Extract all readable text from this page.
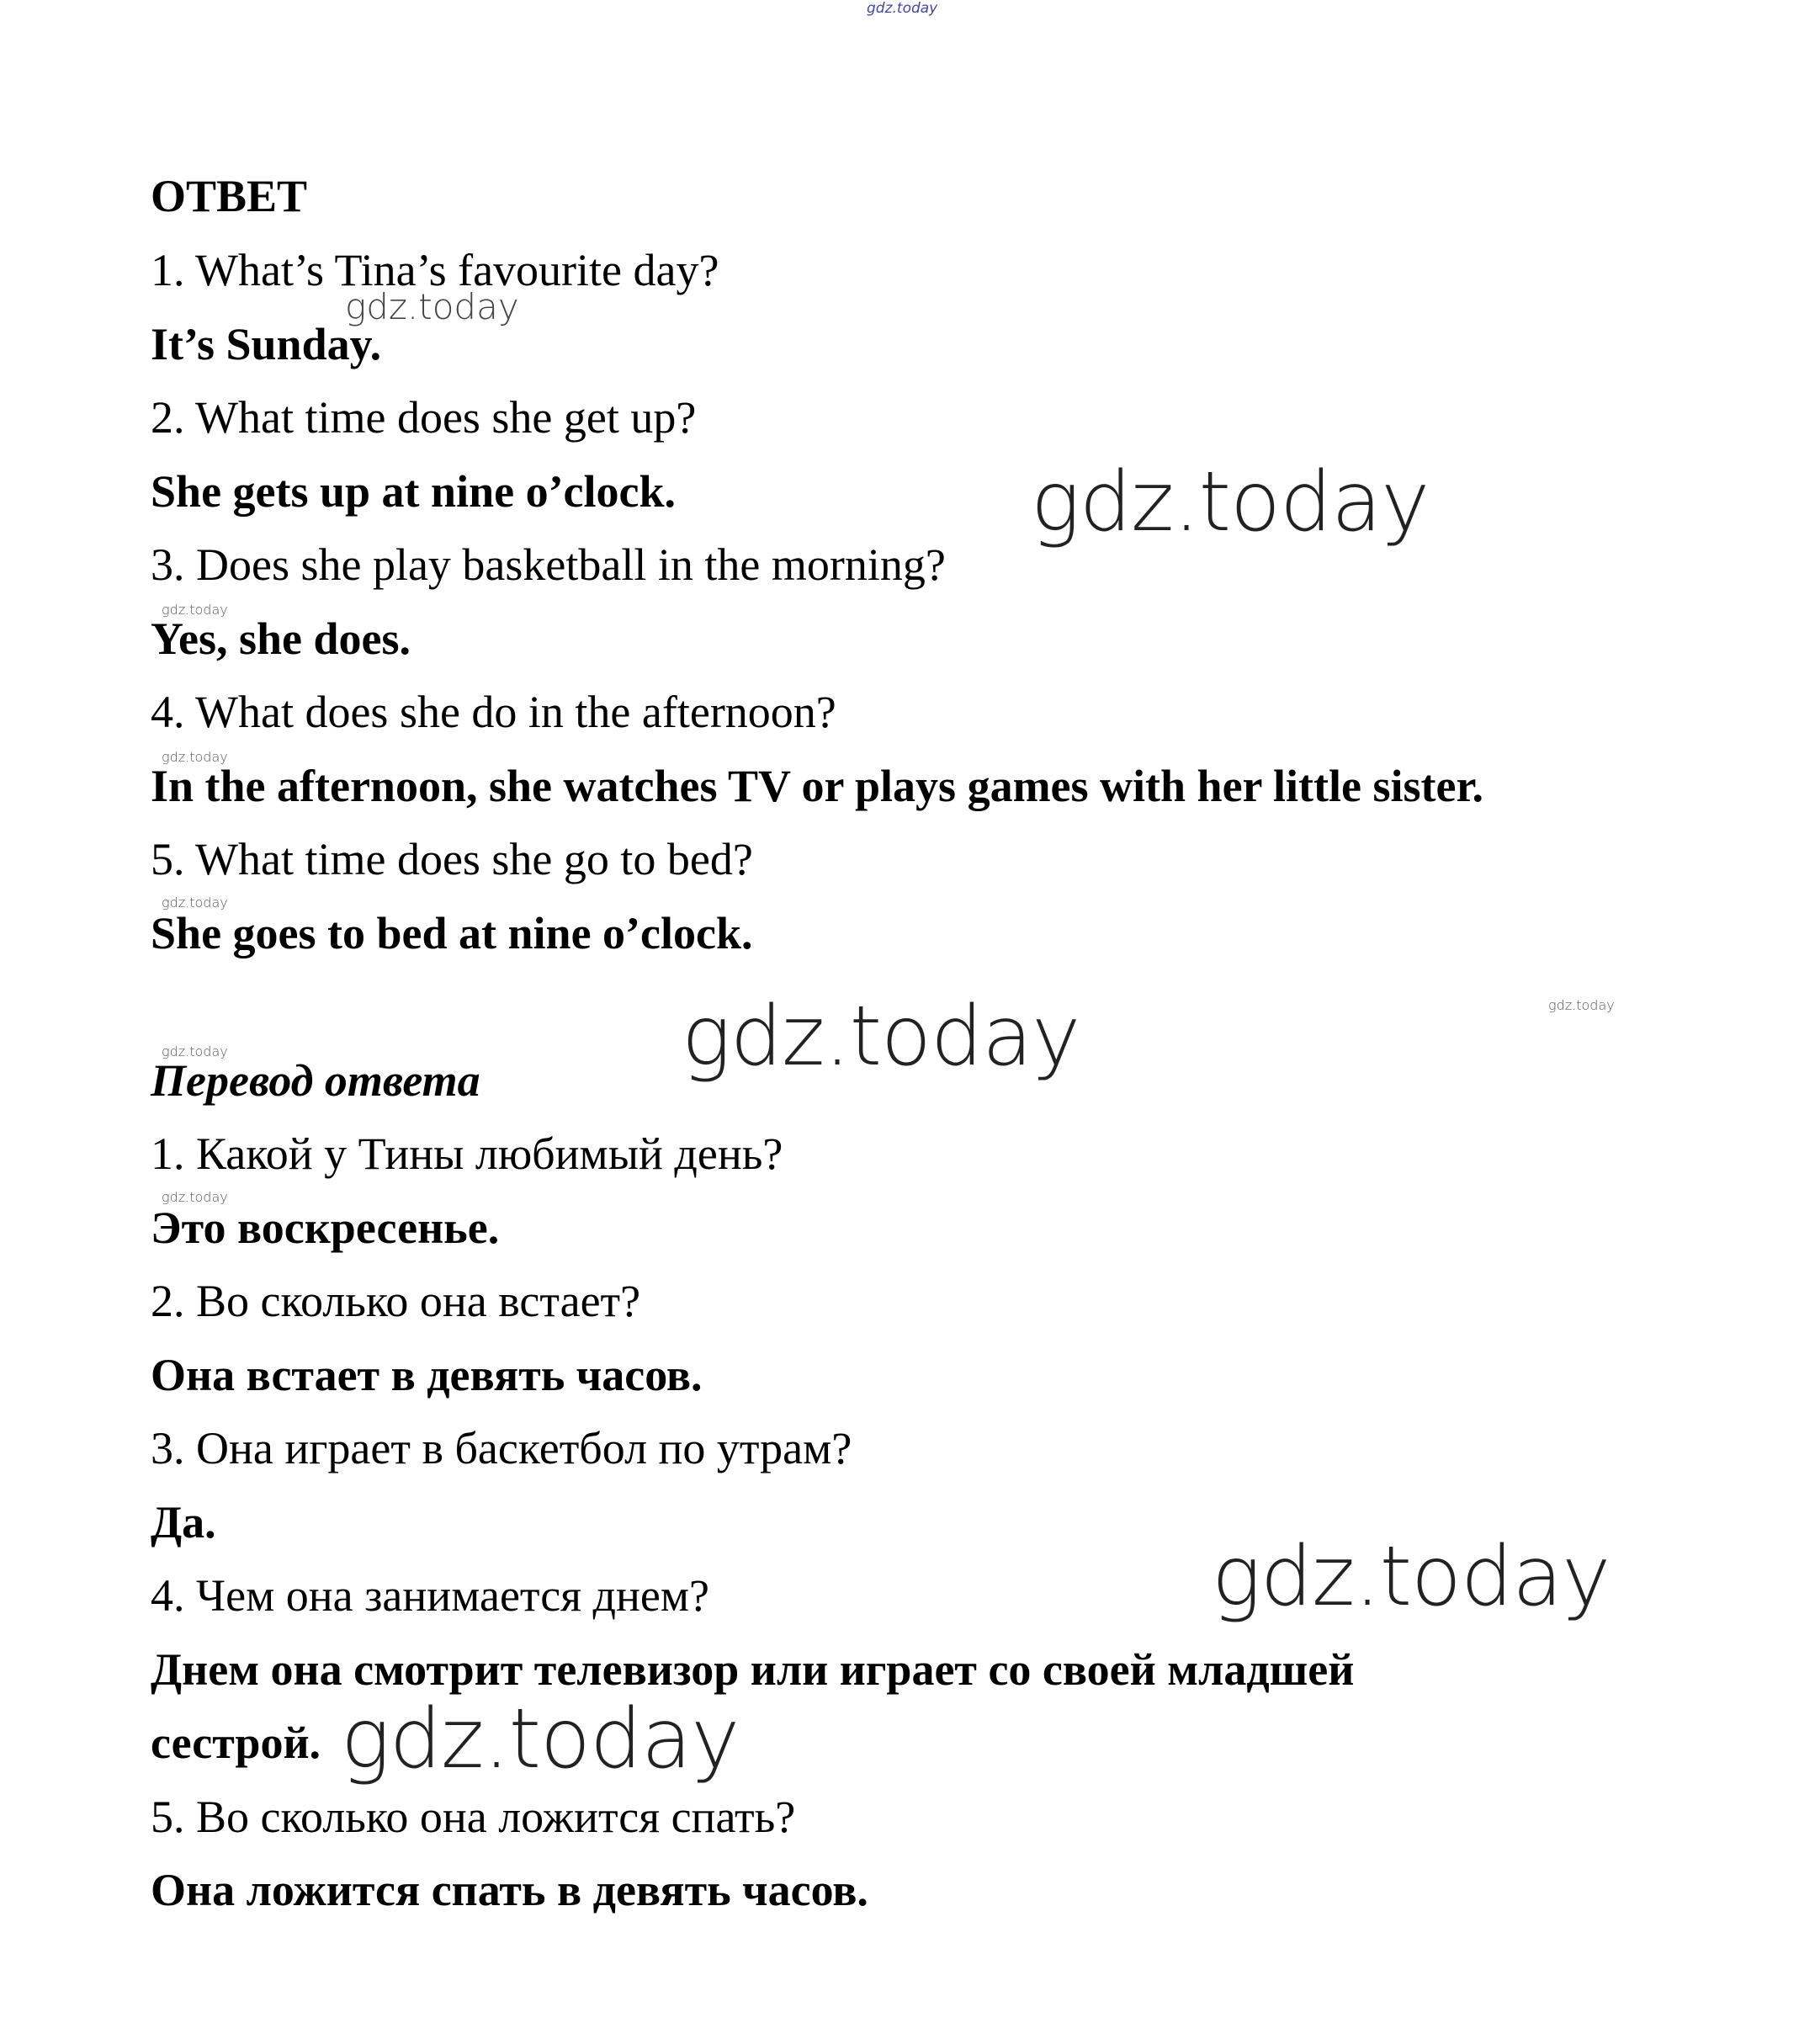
gdz.today

ОТВЕТ

1. What’s Tina’s favourite day?

It’s Sunday.

2. What time does she get up?

She gets up at nine o’clock.

3. Does she play basketball in the morning?

Yes, she does.

4. What does she do in the afternoon?

In the afternoon, she watches TV or plays games with her little sister.

5. What time does she go to bed?

She goes to bed at nine o’clock.

Перевод ответа

1. Какой у Тины любимый день?

Это воскресенье.

2. Во сколько она встает?

Она встает в девять часов.

3. Она играет в баскетбол по утрам?

Да.

4. Чем она занимается днем?

Днем она смотрит телевизор или играет со своей младшей

сестрой.

5. Во сколько она ложится спать?

Она ложится спать в девять часов.

gdz.today
gdz.today
gdz.today
gdz.today
gdz.today
gdz.today
gdz.today
gdz.today
gdz.today
gdz.today
gdz.today
